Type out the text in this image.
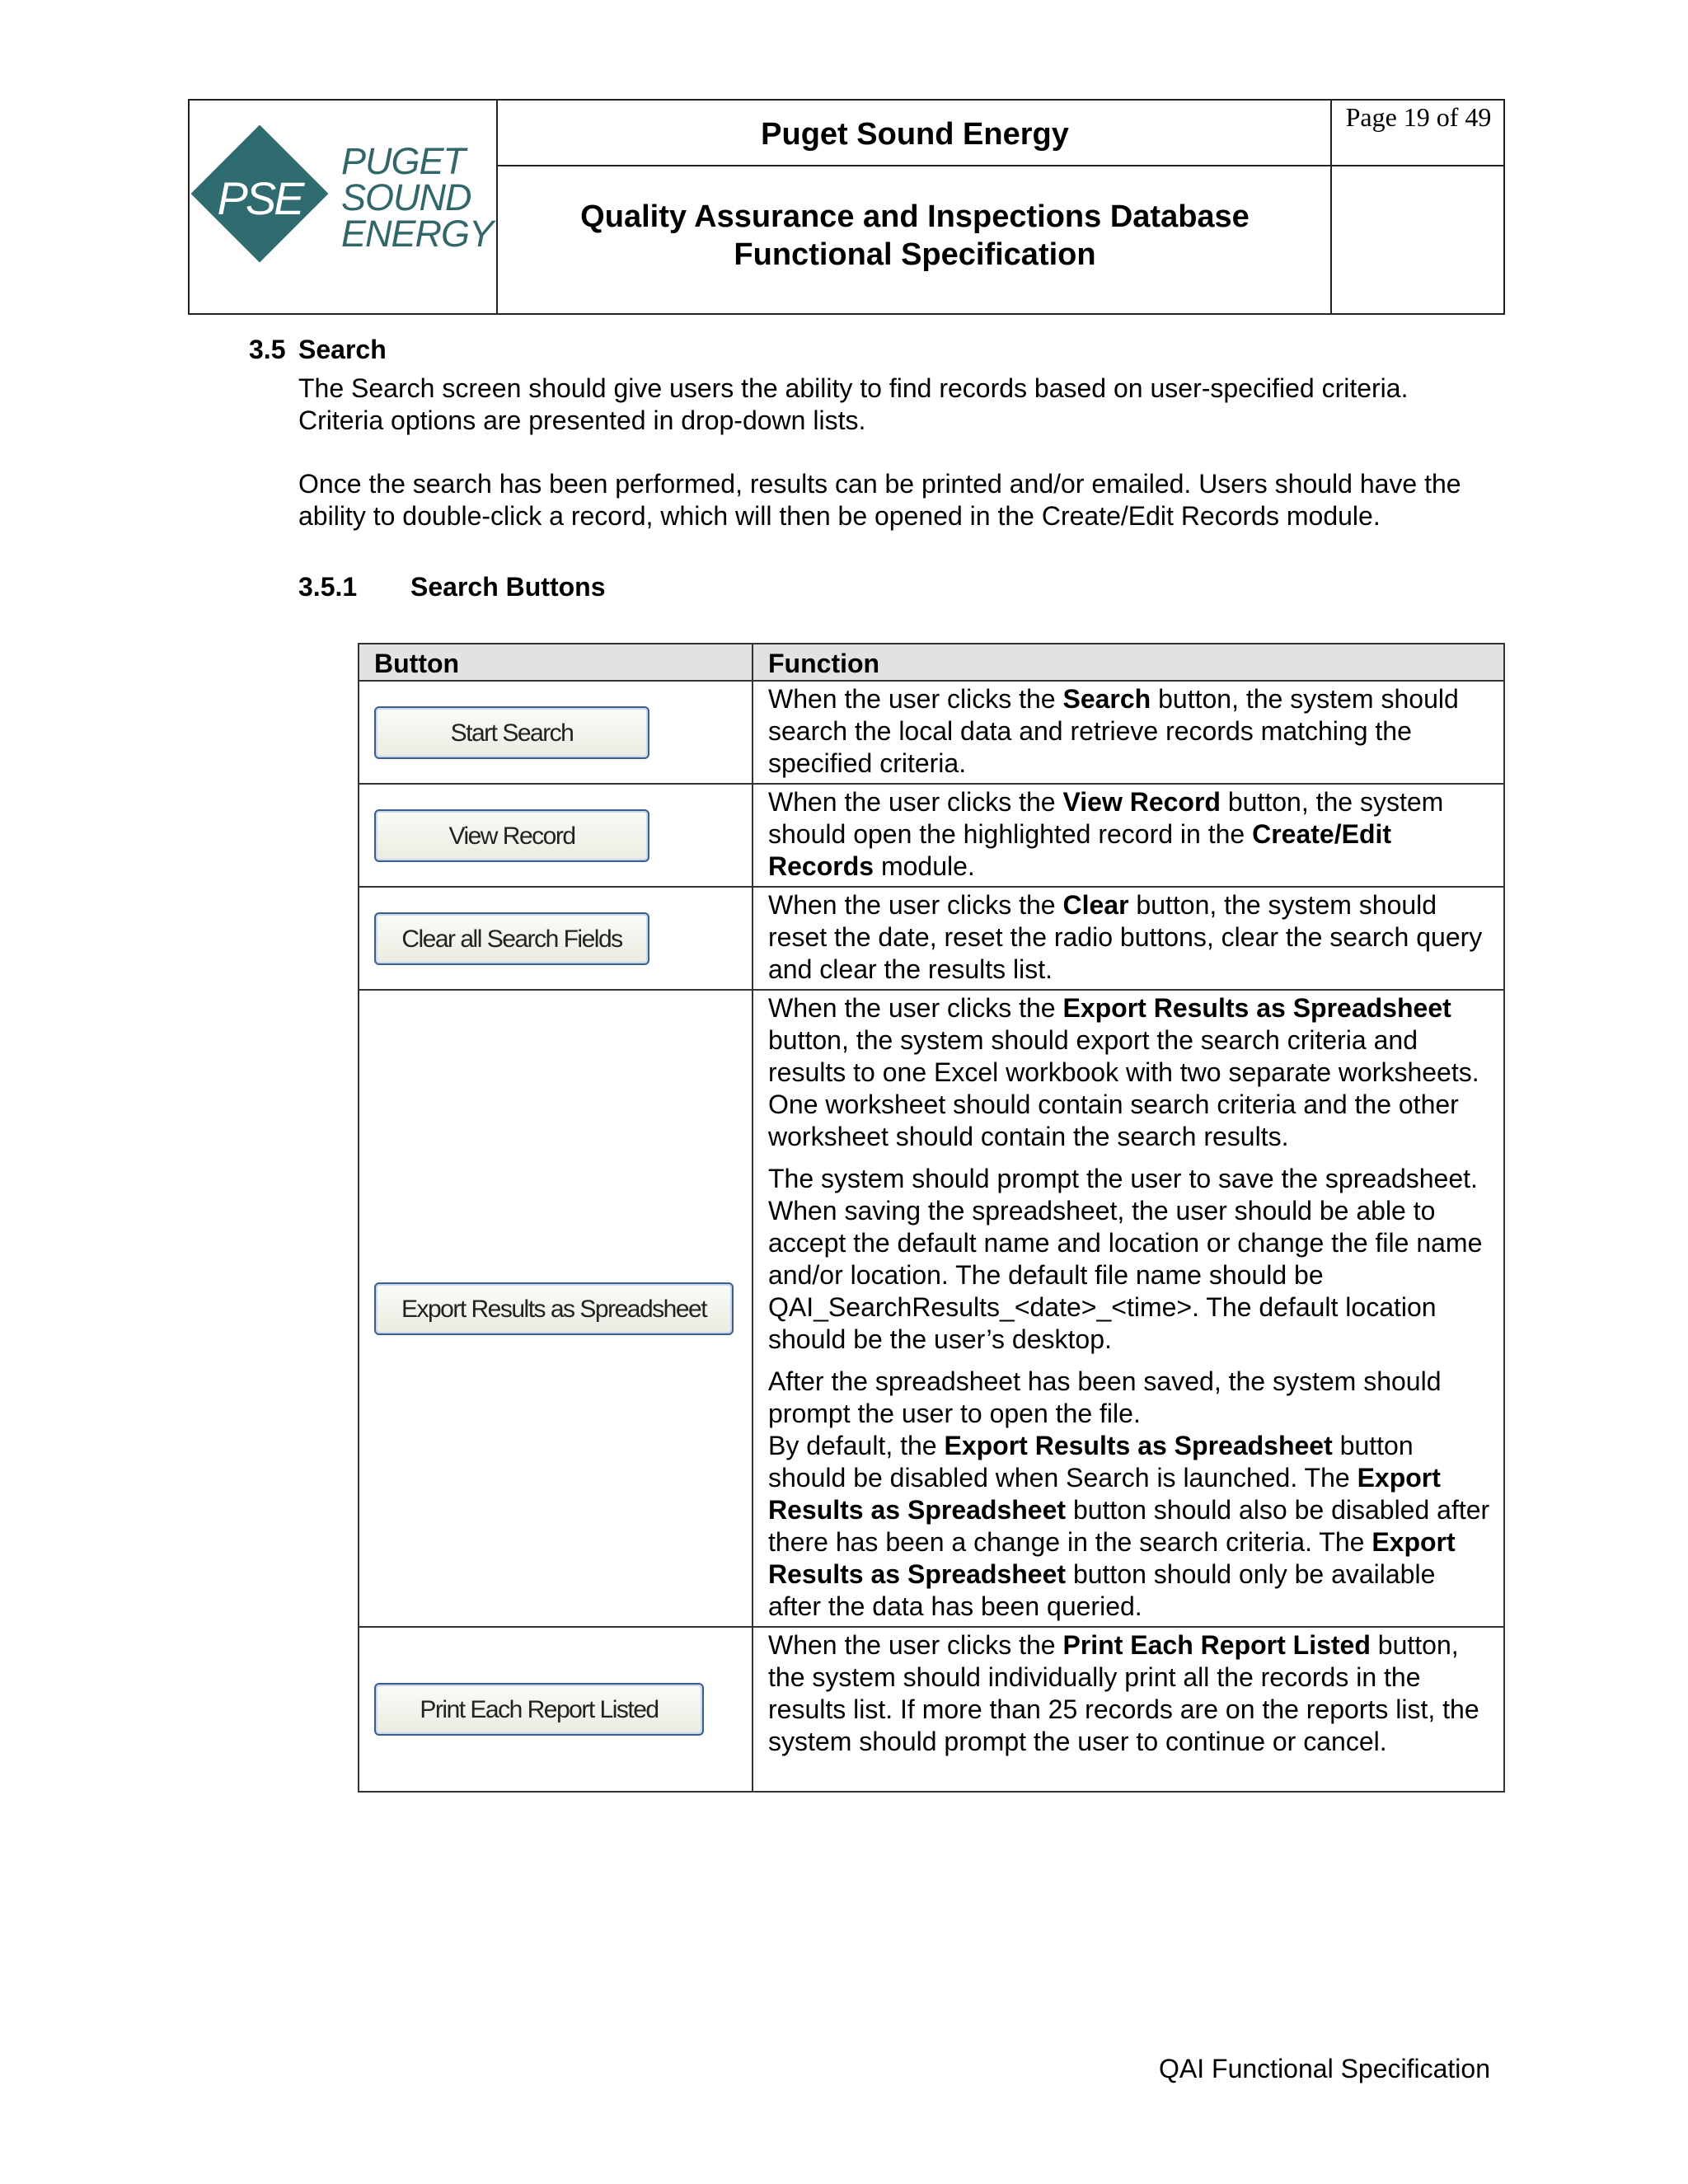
PSE
PUGET
SOUND
ENERGY
Puget Sound Energy
Quality Assurance and Inspections Database
Functional Specification
Page 19 of 49
3.5 Search
The Search screen should give users the ability to find records based on user-specified criteria. Criteria options are presented in drop-down lists.
Once the search has been performed, results can be printed and/or emailed. Users should have the ability to double-click a record, which will then be opened in the Create/Edit Records module.
3.5.1 Search Buttons
Button	Function
Start Search	When the user clicks the Search button, the system should search the local data and retrieve records matching the specified criteria.
View Record	When the user clicks the View Record button, the system should open the highlighted record in the Create/Edit Records module.
Clear all Search Fields	When the user clicks the Clear button, the system should reset the date, reset the radio buttons, clear the search query and clear the results list.
Export Results as Spreadsheet	When the user clicks the Export Results as Spreadsheet button, the system should export the search criteria and results to one Excel workbook with two separate worksheets. One worksheet should contain search criteria and the other worksheet should contain the search results.

The system should prompt the user to save the spreadsheet. When saving the spreadsheet, the user should be able to accept the default name and location or change the file name and/or location. The default file name should be QAI_SearchResults_<date>_<time>. The default location should be the user’s desktop.

After the spreadsheet has been saved, the system should prompt the user to open the file.

By default, the Export Results as Spreadsheet button should be disabled when Search is launched. The Export Results as Spreadsheet button should also be disabled after there has been a change in the search criteria. The Export Results as Spreadsheet button should only be available after the data has been queried.

Print Each Report Listed	When the user clicks the Print Each Report Listed button, the system should individually print all the records in the results list. If more than 25 records are on the reports list, the system should prompt the user to continue or cancel.
QAI Functional Specification
